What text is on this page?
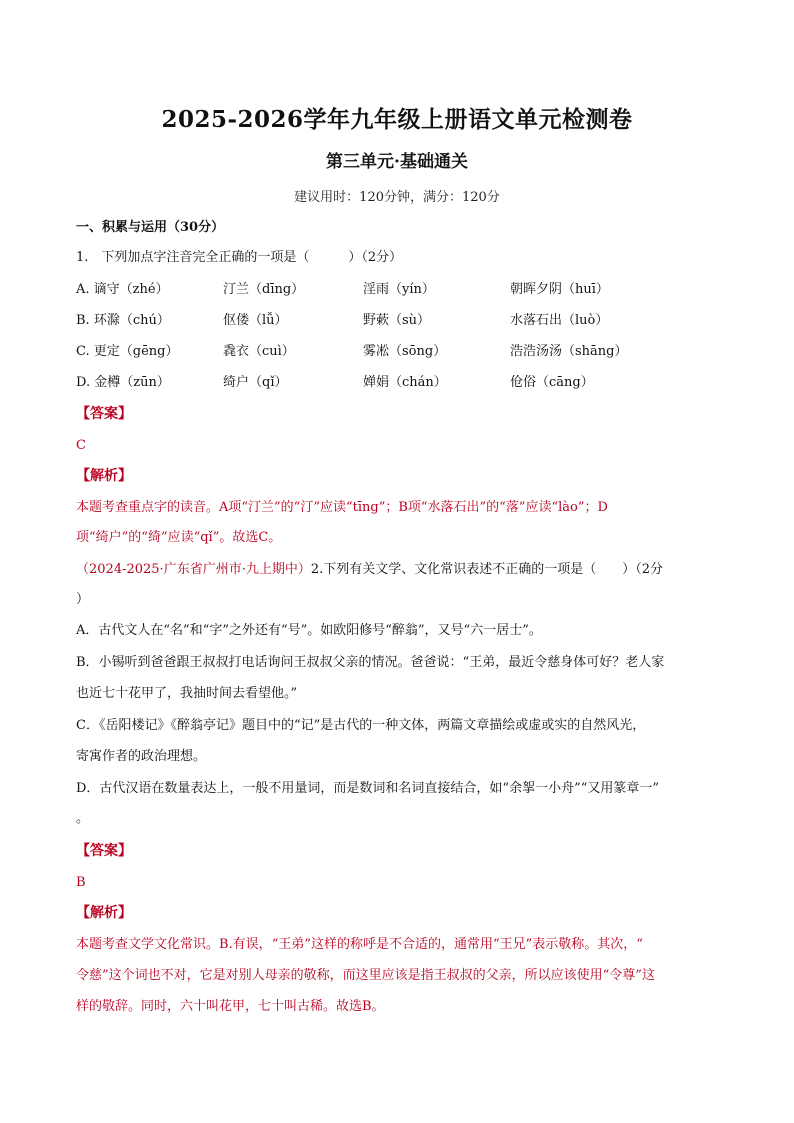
2025-2026学年九年级上册语文单元检测卷
第三单元·基础通关
建议用时：120分钟，满分：120分
一、积累与运用（30分）
1.　下列加点字注音完全正确的一项是（　　　）（2分）
A. 谪守（zhé）	汀兰（dīng）	淫雨（yín）	朝晖夕阴（huī）
B. 环滁（chú）	伛偻（lǚ）	野蔌（sù）	水落石出（luò）
C. 更定（gēng）	毳衣（cuì）	雾凇（sōng）	浩浩汤汤（shāng）
D. 金樽（zūn）	绮户（qǐ）	婵娟（chán）	伧俗（cāng）
【答案】
C
【解析】
本题考查重点字的读音。A项“汀兰”的“汀”应读“tīng”；B项“水落石出”的“落”应读“lào”；D
项“绮户”的“绮”应读“qǐ”。故选C。
（2024-2025·广东省广州市·九上期中）2.下列有关文学、文化常识表述不正确的一项是（　　）（2分
）
A．古代文人在“名”和“字”之外还有“号”。如欧阳修号“醉翁”，又号“六一居士”。
B．小锡听到爸爸跟王叔叔打电话询问王叔叔父亲的情况。爸爸说：“王弟，最近令慈身体可好？老人家
也近七十花甲了，我抽时间去看望他。”
C．《岳阳楼记》《醉翁亭记》题目中的“记”是古代的一种文体，两篇文章描绘或虚或实的自然风光，
寄寓作者的政治理想。
D．古代汉语在数量表达上，一般不用量词，而是数词和名词直接结合，如“余挐一小舟”“又用篆章一”
。
【答案】
B
【解析】
本题考查文学文化常识。B.有误，“王弟”这样的称呼是不合适的，通常用“王兄”表示敬称。其次，“
令慈”这个词也不对，它是对别人母亲的敬称，而这里应该是指王叔叔的父亲，所以应该使用“令尊”这
样的敬辞。同时，六十叫花甲，七十叫古稀。故选B。
